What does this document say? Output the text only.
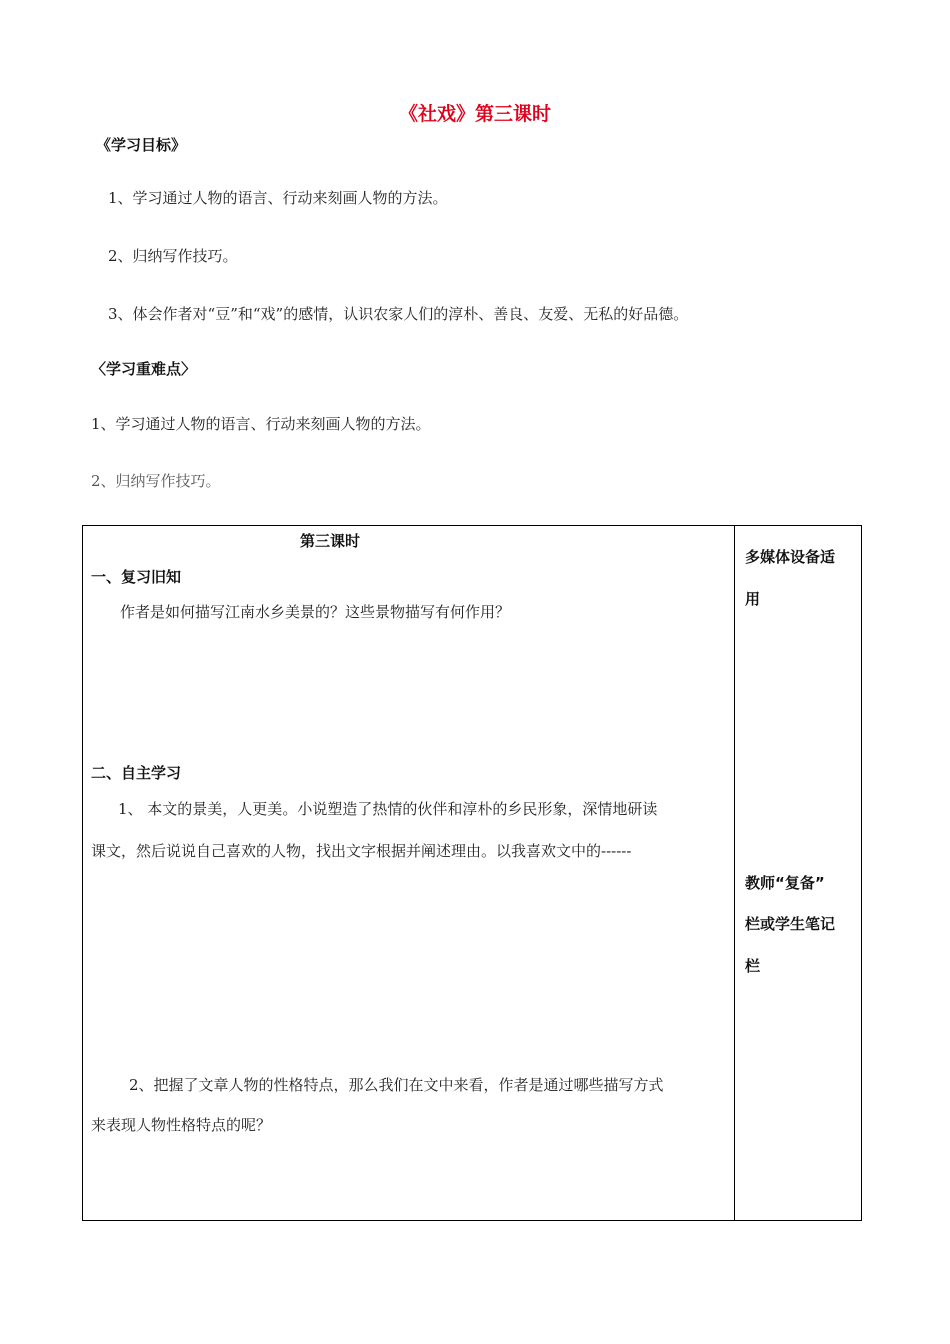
《社戏》第三课时
《学习目标》
1、学习通过人物的语言、行动来刻画人物的方法。
2、归纳写作技巧。
3、体会作者对“豆”和“戏”的感情，认识农家人们的淳朴、善良、友爱、无私的好品德。
〈学习重难点〉
1、学习通过人物的语言、行动来刻画人物的方法。
2、归纳写作技巧。
第三课时
一、复习旧知
作者是如何描写江南水乡美景的？这些景物描写有何作用？
二、自主学习
1、 本文的景美，人更美。小说塑造了热情的伙伴和淳朴的乡民形象，深情地研读
课文，然后说说自己喜欢的人物，找出文字根据并阐述理由。以我喜欢文中的------
2、把握了文章人物的性格特点，那么我们在文中来看，作者是通过哪些描写方式
来表现人物性格特点的呢？
多媒体设备适
用
教师“复备”
栏或学生笔记
栏
